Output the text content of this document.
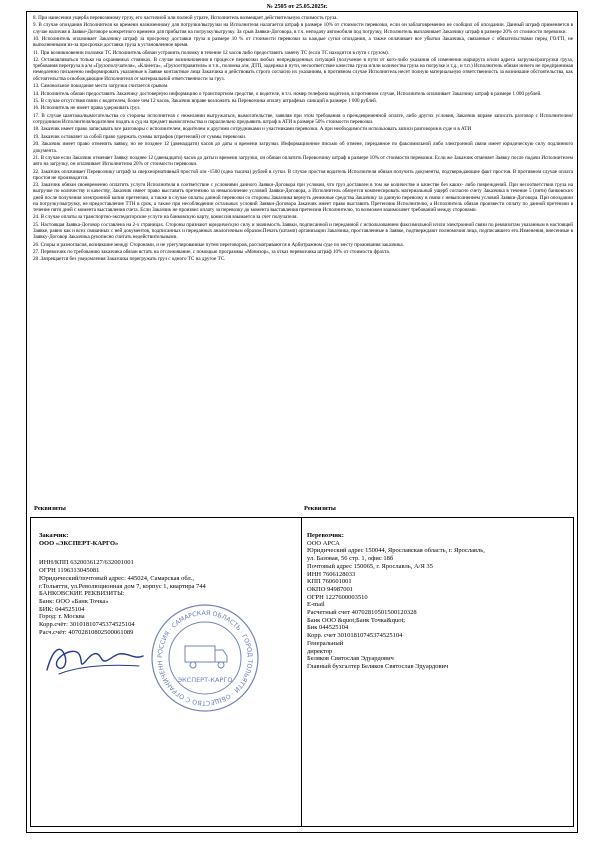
№ 2505 от 25.05.2025г.
8. При нанесении ущерба перевозимому грузу, его частичной или полной утрате, Исполнитель возмещает действительную стоимость груза.
9. В случае опоздания Исполнителя ко времени назначенному для погрузки/выгрузки на Исполнителя налагается штраф в размере 10% от стоимости перевозки, если он заблаговременно не сообщил об опоздании. Данный штраф применяется в случае наличия в Заявке-Договоре конкретного времени для прибытия на погрузку/выгрузку. За срыв Заявки-Договора, в т.ч. неподачу автомобиля под погрузку, Исполнитель выплачивает Заказчику штраф в размере 20% от стоимости перевозки.
10. Исполнитель оплачивает Заказчику штраф за просрочку доставки груза в размере 10 % от стоимости перевозки за каждые сутки опоздания, а также оплачивает все убытки Заказчика, связанные с обязательствами перед ГО/ГП, не выполненными из-за просрочки доставки груза в установленное время.
11. При возникновении поломки ТС Исполнитель обязан устранить поломку в течение 12 часов либо предоставить замену ТС (если ТС находится в пути с грузом).
12. Останавливаться только на охраняемых стоянках. В случае возникновения в процессе перевозки любых непредвиденных ситуаций (получение в пути от кого-либо указания об изменении маршрута и/или адреса загрузки/разгрузки груза, требования перегруза в а/м «Грузополучателя», «Клиента», «Грузоотправителя» и т.п., поломка а/м, ДТП, задержка в пути, несоответствие качества груза и/или количества груза на погрузке и т.д., и т.п.) Исполнитель обязан ничего не предпринимая немедленно письменно информировать указанные в Заявке контактные лица Заказчика и действовать строго согласно их указаниям, в противном случае Исполнитель несет полную материальную ответственность за возникшие обстоятельства, как обстоятельства освобождающие Исполнителя от материальной ответственности за груз.
13. Самовольное покидание места загрузки считается срывом.
14. Исполнитель обязан предоставить Заказчику достоверную информацию о транспортном средстве, о водителе, в т.ч. номер телефона водителя, в противном случае, Исполнитель оплачивает Заказчику штраф в размере 1 000 рублей.
15. В случае отсутствия связи с водителем, более чем 12 часов, Заказчик вправе возложить на Перевозчика оплату штрафных санкций в размере 1 000 рублей.
16. Исполнитель не имеет права удерживать груз.
17. В случае шантажа/вымогательства со стороны исполнителя с нежелании выгружаться, вымогательстве, заявляя при этом требования о преждевременной оплате, либо других условия, Заказчик вправе записать разговор с Исполнителем/сотрудником Исполнителя/водителем подать в суд на предмет вымогательства и параллельно предъявить штраф в АТИ в размере 50% стоимости перевозки.
18. Заказчик имеет право записывать все разговоры с исполнителем, водителем и другими сотрудниками и участниками перевозки. А при необходимости использовать запиcи разговоров в суде и в АТИ
19. Заказчик оставляет за собой право удержать суммы штрафов (претензий) от суммы перевозки.
20. Заказчик имеет право отменить заявку, но не позднее 12 (двенадцати) часов до даты и времени загрузки. Информационное письмо об отмене, переданное по факсимильной либо электронной связи имеет юридическую силу подлинного документа.
21. В случае если Заказчик отменяет Заявку позднее 12 (двенадцати) часов до даты и времени загрузки, он обязан оплатить Перевозчику штраф в размере 10% от стоимости перевозки. Если же Заказчик отменяет Заявку после подачи Исполнителем авто на загрузку, он оплачивает Исполнителю 20% от стоимости перевозки.
22. Заказчик оплачивает Перевозчику штраф за сверхнормативный простой а/м -1500 (одна тысяча) рублей в сутки. В случае простоя водитель Исполнителя обязан получить документы, подтверждающие факт простоя. В противном случае оплата простоя не производится.
23. Заказчик обязан своевременно оплатить услуги Исполнителя в соответствие с условиями данного Заявки-Договора при условии, что груз доставлен в том же количестве и качестве без каких- либо повреждений. При несоответствии груза на выгрузке по количеству и качеству, Заказчик имеет право выставить претензию за невыполнение условий Заявки-Договора, а Исполнитель обязуется компенсировать материальный ущерб согласно счету Заказчика в течение 5 (пяти) банковских дней после получения электронной копии претензии, а также в случае оплаты данной перевозки со стороны Заказчика вернуть денежные средства Заказчику за данную перевозку в связи с невыполнением условий Заявки-Договора. При опоздании на погрузку/выгрузку, не предоставление ТТН в срок, а также при несоблюдении остальных условий Заявки-Договора Заказчик имеет право выставить Претензию Исполнителю, а Исполнитель обязан произвести оплату по данной претензии в течение пяти дней с момента выставления счета. Если Заказчик не произвел оплату за перевозку до момента выставления претензии Исполнителю, то возможен взаимозачет требований между сторонами.
24. В случае оплаты за транспортно-экспедиторские услуги на банковскую карту, комиссия взымается за счет получателя.
25. Настоящая Заявка-Договор составлена на 2-х страницах. Стороны признают юридическую силу и значимость Заявки, подписанной и переданной с использованием факсимильной и/или электронной связи по реквизитам указанным в настоящей Заявке, равно как и всех связанных с ней документов, подписанных и переданных аналогичным образом.Печать (штамп) организации Заказчика, проставленные в Заявке, подтверждают полномочия лица, подписавшего его.Изменения, внесенные в Заявку-Договор Заказчика рукописно считать недействительными.
26. Споры и разногласия, возникшие между Сторонами, и не урегулированные путем переговоров, рассматриваются в Арбитражном суде по месту проживания заказчика.
27. Перевозчик по требованию заказчика обязан встать на отслеживание, с помощью программы «Мовизор», за отказ перевозчика штраф 10% от стоимости фрахта.
28 .Запрещается без уведомления Заказчика перегружать груз с одного ТС на другое ТС.
Реквизиты	Реквизиты
Заказчик:
ООО «ЭКСПЕРТ-КАРГО»
ИНН/КПП 6320036127/632001001
ОГРН 1196313045081
Юридический/почтовый адрес: 445024, Самарская обл.,
г.Тольятти, ул.Революционная дом 7, корпус 1, квартира 744
БАНКОВСКИЕ РЕКВИЗИТЫ:
Банк: ООО «Банк Точка»
БИК: 044525104
Город: г. Москва
Корр.счёт: 30101810745374525104
Расч.счёт: 40702810802500061089
РОССИЯ · САМАРСКАЯ ОБЛАСТЬ · ГОРОД ТОЛЬЯТТИ · ОБЩЕСТВО С ОГРАНИЧЕНН
ЭКСПЕРТ-КАРГО
Перевозчик:
ООО АРСА
Юридический адрес 150044, Ярославская область, г. Ярославль,
ул. Базовая, 56 стр. 1, офис 18б
Почтовый адрес 150065, г. Ярославль, А/Я 35
ИНН 7606128033
КПП 760601001
ОКПО 94987001
ОГРН 1227600003510
E-mail
Расчетный счет 40702810501500120328
Банк ООО &quot;Банк Точка&quot;
Бик 044525104
Корр. счет 30101810745374525104
Генеральный
директор
Беляков Святослав Эдуардович
Главный бухгалтер Беляков Святослав Эдуардович
